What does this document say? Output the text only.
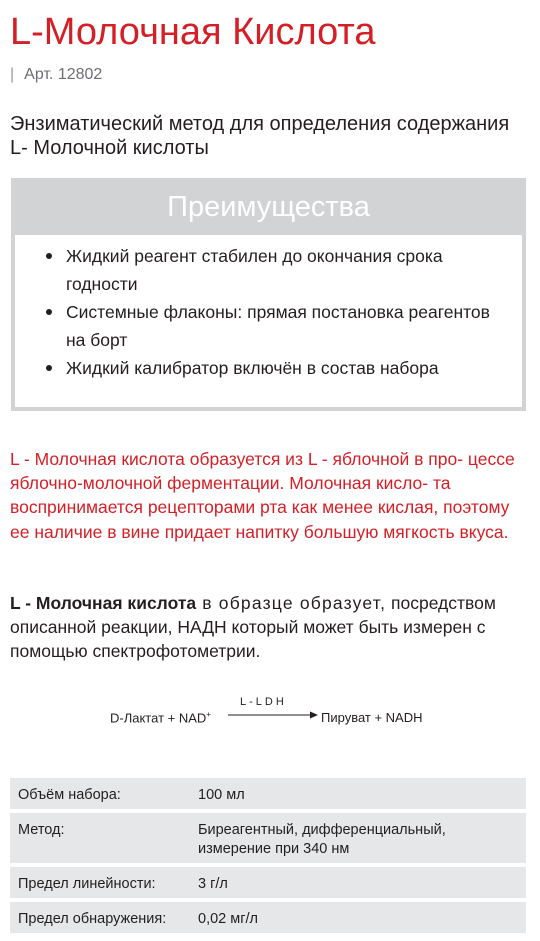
L-Молочная Кислота
| Арт. 12802
Энзиматический метод для определения содержания L- Молочной кислоты
Преимущества
Жидкий реагент стабилен до окончания срока годности
Системные флаконы: прямая постановка реагентов на борт
Жидкий калибратор включён в состав набора

L - Молочная кислота образуется из L - яблочной в про- цессе яблочно-молочной ферментации. Молочная кисло- та воспринимается рецепторами рта как менее кислая, поэтому ее наличие в вине придает напитку большую мягкость вкуса.

L - Молочная кислота в образце образует, посредством описанной реакции, НАДН который может быть измерен с помощью спектрофотометрии.

D-Лактат + NAD+
L-LDH
Пируват + NADH
Объём набора:	100 мл
Метод:	Биреагентный, дифференциальный, измерение при 340 нм
Предел линейности:	3 г/л
Предел обнаружения: 0,02 мг/л
